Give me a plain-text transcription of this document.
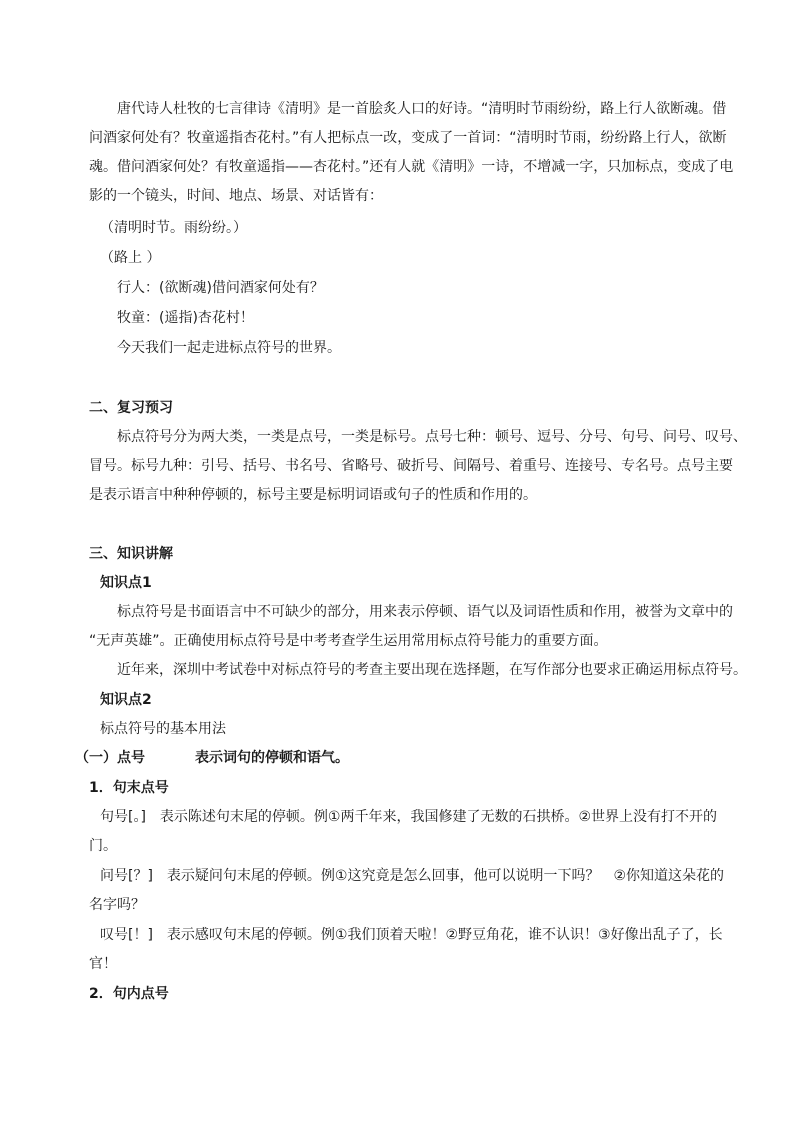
唐代诗人杜牧的七言律诗《清明》是一首脍炙人口的好诗。“清明时节雨纷纷，路上行人欲断魂。借
问酒家何处有？牧童遥指杏花村。”有人把标点一改，变成了一首词：“清明时节雨，纷纷路上行人，欲断
魂。借问酒家何处？有牧童遥指——杏花村。”还有人就《清明》一诗，不增减一字，只加标点，变成了电
影的一个镜头，时间、地点、场景、对话皆有：
（清明时节。雨纷纷。）
（路上 ）
行人：(欲断魂)借问酒家何处有？
牧童：(遥指)杏花村！
今天我们一起走进标点符号的世界。
二、复习预习
标点符号分为两大类，一类是点号，一类是标号。点号七种：顿号、逗号、分号、句号、问号、叹号、
冒号。标号九种：引号、括号、书名号、省略号、破折号、间隔号、着重号、连接号、专名号。点号主要
是表示语言中种种停顿的，标号主要是标明词语或句子的性质和作用的。
三、知识讲解
知识点1
标点符号是书面语言中不可缺少的部分，用来表示停顿、语气以及词语性质和作用，被誉为文章中的
“无声英雄”。正确使用标点符号是中考考查学生运用常用标点符号能力的重要方面。
近年来，深圳中考试卷中对标点符号的考查主要出现在选择题，在写作部分也要求正确运用标点符号。
知识点2
标点符号的基本用法
（一）点号	表示词句的停顿和语气。
1．句末点号
句号[。]　表示陈述句末尾的停顿。例①两千年来，我国修建了无数的石拱桥。②世界上没有打不开的
门。
问号[？]　表示疑问句末尾的停顿。例①这究竟是怎么回事，他可以说明一下吗？　②你知道这朵花的
名字吗？
叹号[！]　表示感叹句末尾的停顿。例①我们顶着天啦！②野豆角花，谁不认识！③好像出乱子了，长
官！
2．句内点号
